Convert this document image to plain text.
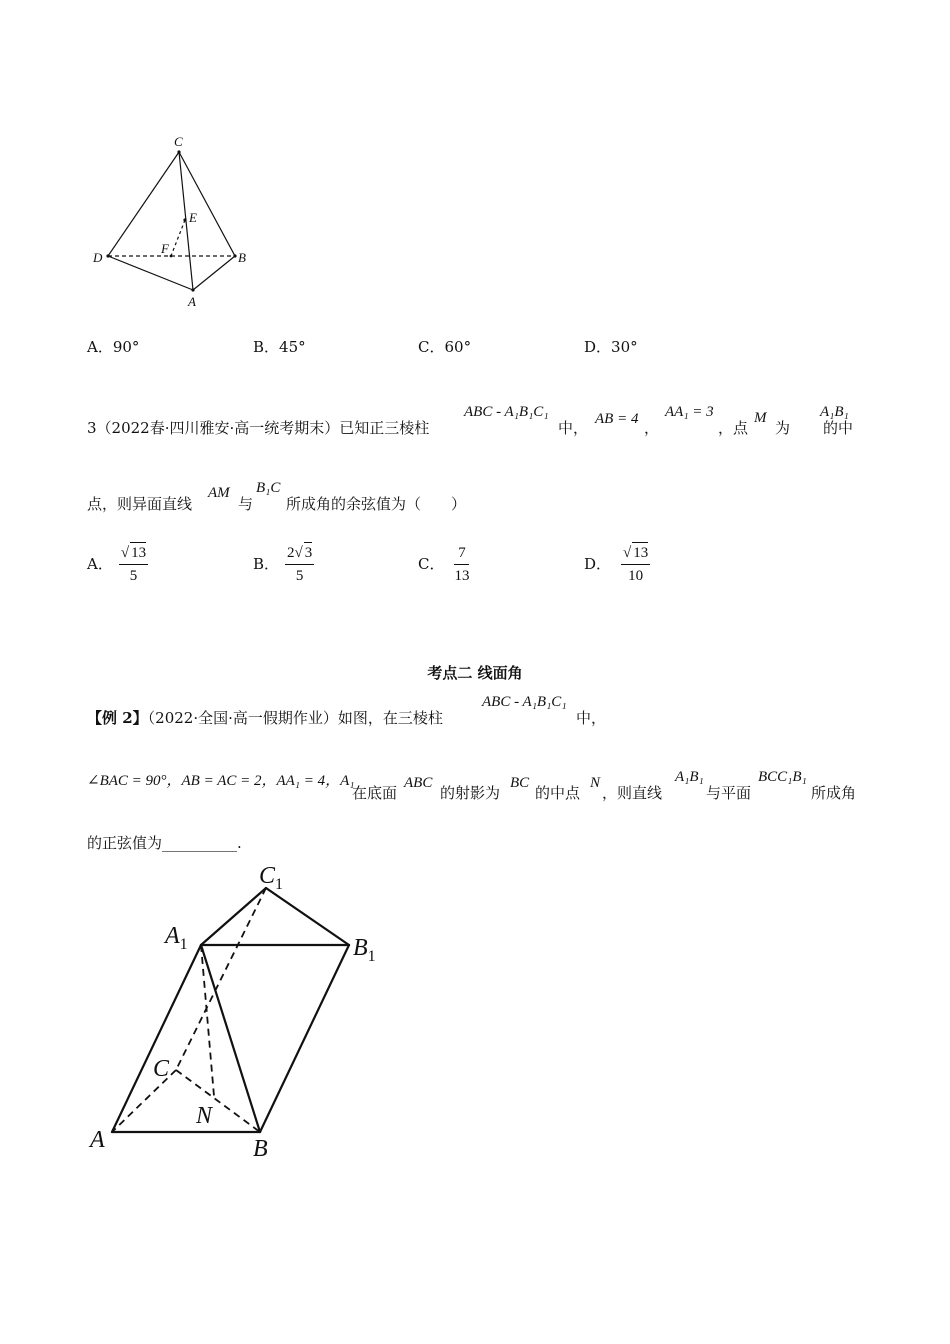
C
E
F
D	B
A
A．90°	B．45°	C．60°	D．30°
3（2022春·四川雅安·高一统考期末）已知正三棱柱
ABC - A₁B₁C₁
中， AB = 4 ，
AA₁ = 3
，点
M
为
A₁B₁
的中
点，则异面直线
AM
与
B₁C
所成角的余弦值为（　　）
A． $\frac{√ 13}{5}$	B． $\frac{2√ 3}{5}$	C． $\frac{7}{13}$	D． $\frac{√ 13}{10}$
考点二 线面角
【例 2】（2022·全国·高一假期作业）如图，在三棱柱
ABC - A₁B₁C₁
中，
∠BAC = 90°，AB = AC = 2，AA₁ = 4，A₁
在底面
ABC
的射影为
BC
的中点
N
，则直线
A₁B₁
与平面
BCC₁B₁
所成角
的正弦值为__________.
$C_1$
$A_1$	$B_1$
C
N
A	B
